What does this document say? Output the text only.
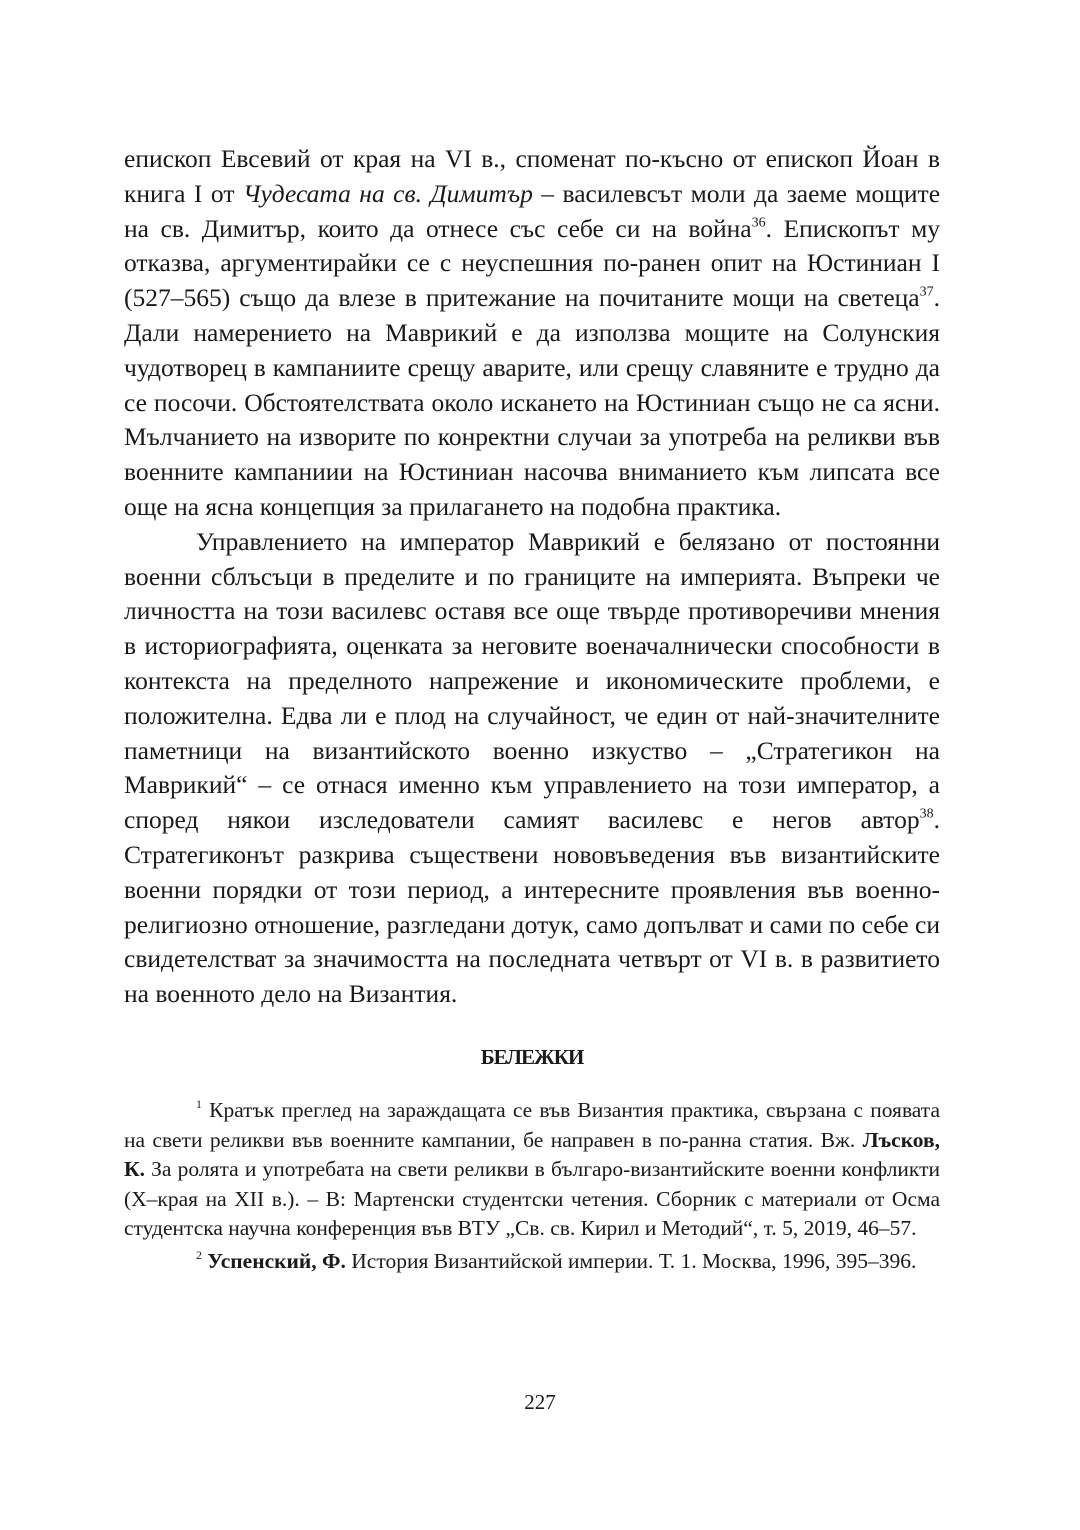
епископ Евсевий от края на VI в., споменат по-късно от епископ Йоан в книга I от Чудесата на св. Димитър – василевсът моли да заеме мощите на св. Димитър, които да отнесе със себе си на война$^{36}$. Епископът му отказва, аргументирайки се с неуспешния по-ранен опит на Юстиниан I (527–565) също да влезе в притежание на почитаните мощи на светеца$^{37}$. Дали намерението на Маврикий е да използва мощите на Солунския чудотворец в кампаниите срещу аварите, или срещу славяните е трудно да се посочи. Обстоятелствата около искането на Юстиниан също не са ясни. Мълчанието на изворите по конректни случаи за употреба на реликви във военните кампаниии на Юстиниан насочва вниманието към липсата все още на ясна концепция за прилагането на подобна практика.

Управлението на император Маврикий е белязано от постоянни военни сблъсъци в пределите и по границите на империята. Въпреки че личността на този василевс оставя все още твърде противоречиви мнения в историографията, оценката за неговите военачалнически способности в контекста на пределното напрежение и икономическите проблеми, е положителна. Едва ли е плод на случайност, че един от най-значителните паметници на византийското военно изкуство – „Стратегикон на Маврикий“ – се отнася именно към управлението на този император, а според някои изследователи самият василевс е негов автор$^{38}$. Стратегиконът разкрива съществени нововъведения във византийските военни порядки от този период, а интересните проявления във военно-религиозно отношение, разгледани дотук, само допълват и сами по себе си свидетелстват за значимостта на последната четвърт от VI в. в развитието на военното дело на Византия.

БЕЛЕЖКИ

$^1$ Кратък преглед на зараждащата се във Византия практика, свързана с появата на свети реликви във военните кампании, бе направен в по-ранна статия. Вж. Лъсков, К. За ролята и употребата на свети реликви в българо-византийските военни конфликти (X–края на XII в.). – В: Мартенски студентски четения. Сборник с материали от Осма студентска научна конференция във ВТУ „Св. св. Кирил и Методий“, т. 5, 2019, 46–57.

$^2$ Успенский, Ф. История Византийской империи. Т. 1. Москва, 1996, 395–396.

227
